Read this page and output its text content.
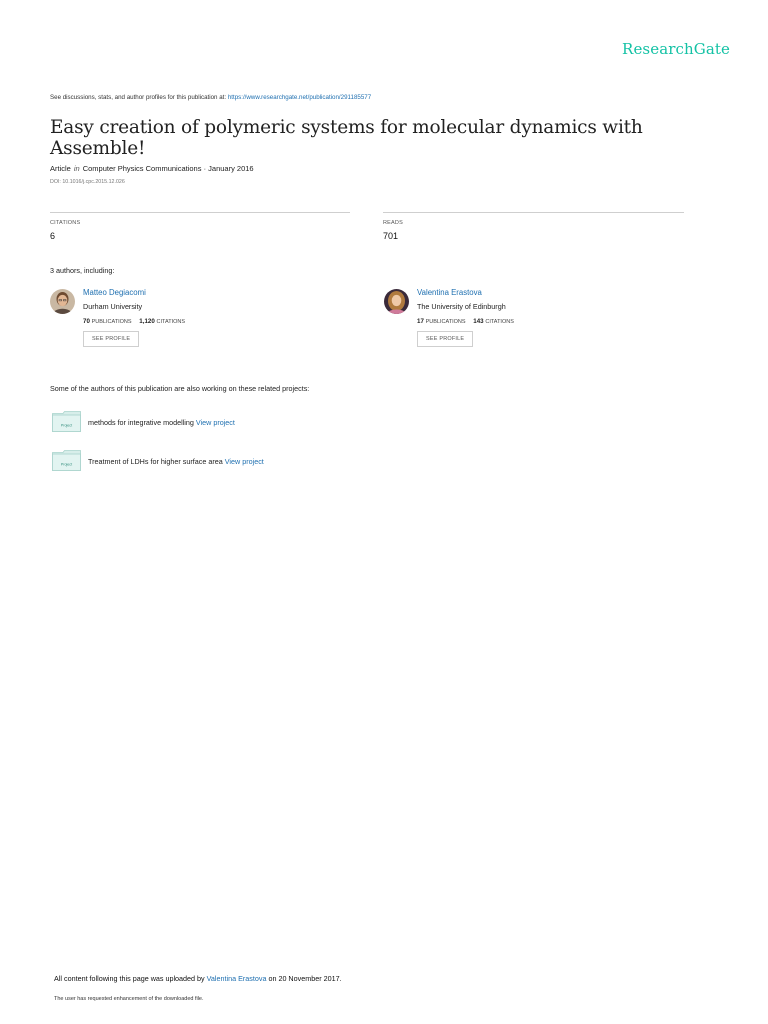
ResearchGate
See discussions, stats, and author profiles for this publication at: https://www.researchgate.net/publication/291185577
Easy creation of polymeric systems for molecular dynamics with Assemble!
Article in Computer Physics Communications · January 2016
DOI: 10.1016/j.cpc.2015.12.026
CITATIONS
6
READS
701
3 authors, including:
Matteo Degiacomi
Durham University
70 PUBLICATIONS 1,120 CITATIONS
SEE PROFILE
Valentina Erastova
The University of Edinburgh
17 PUBLICATIONS 143 CITATIONS
SEE PROFILE
Some of the authors of this publication are also working on these related projects:
Project methods for integrative modelling View project
Project Treatment of LDHs for higher surface area View project
All content following this page was uploaded by Valentina Erastova on 20 November 2017.
The user has requested enhancement of the downloaded file.
